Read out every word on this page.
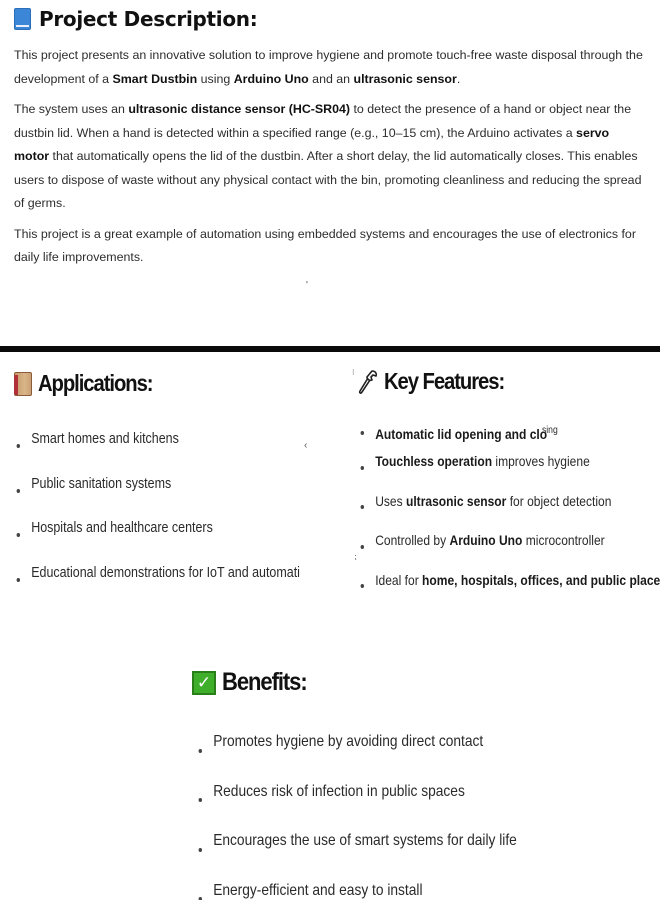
Project Description:

This project presents an innovative solution to improve hygiene and promote touch-free waste disposal through the development of a Smart Dustbin using Arduino Uno and an ultrasonic sensor.

The system uses an ultrasonic distance sensor (HC-SR04) to detect the presence of a hand or object near the dustbin lid. When a hand is detected within a specified range (e.g., 10–15 cm), the Arduino activates a servo motor that automatically opens the lid of the dustbin. After a short delay, the lid automatically closes. This enables users to dispose of waste without any physical contact with the bin, promoting cleanliness and reducing the spread of germs.

This project is a great example of automation using embedded systems and encourages the use of electronics for daily life improvements.

'
Applications:
Smart homes and kitchens
Public sanitation systems
Hospitals and healthcare centers
Educational demonstrations for IoT and automati
‹
⁝ Key Features:
Automatic lid opening and clo$^{sing}$
Touchless operation improves hygiene
Uses ultrasonic sensor for object detection
Controlled by Arduino Uno microcontroller
Ideal for home, hospitals, offices, and public place
⁏
✓ Benefits:
Promotes hygiene by avoiding direct contact
Reduces risk of infection in public spaces
Encourages the use of smart systems for daily life
Energy-efficient and easy to install
